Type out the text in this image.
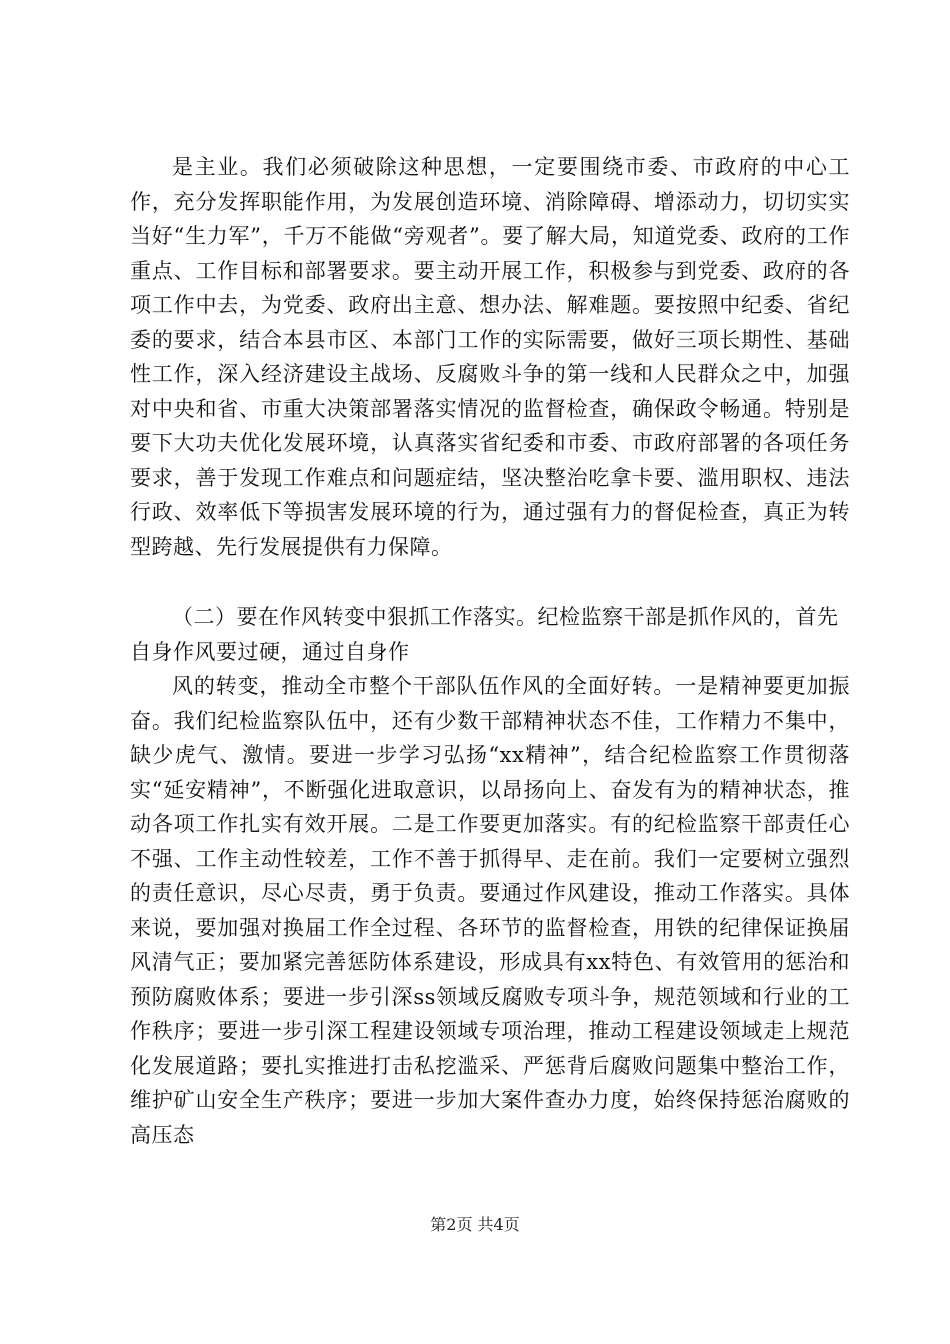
是主业。我们必须破除这种思想，一定要围绕市委、市政府的中心工作，充分发挥职能作用，为发展创造环境、消除障碍、增添动力，切切实实当好“生力军”，千万不能做“旁观者”。要了解大局，知道党委、政府的工作重点、工作目标和部署要求。要主动开展工作，积极参与到党委、政府的各项工作中去，为党委、政府出主意、想办法、解难题。要按照中纪委、省纪委的要求，结合本县市区、本部门工作的实际需要，做好三项长期性、基础性工作，深入经济建设主战场、反腐败斗争的第一线和人民群众之中，加强对中央和省、市重大决策部署落实情况的监督检查，确保政令畅通。特别是要下大功夫优化发展环境，认真落实省纪委和市委、市政府部署的各项任务要求，善于发现工作难点和问题症结，坚决整治吃拿卡要、滥用职权、违法行政、效率低下等损害发展环境的行为，通过强有力的督促检查，真正为转型跨越、先行发展提供有力保障。

（二）要在作风转变中狠抓工作落实。纪检监察干部是抓作风的，首先自身作风要过硬，通过自身作

风的转变，推动全市整个干部队伍作风的全面好转。一是精神要更加振奋。我们纪检监察队伍中，还有少数干部精神状态不佳，工作精力不集中，缺少虎气、激情。要进一步学习弘扬“xx精神”，结合纪检监察工作贯彻落实“延安精神”，不断强化进取意识，以昂扬向上、奋发有为的精神状态，推动各项工作扎实有效开展。二是工作要更加落实。有的纪检监察干部责任心不强、工作主动性较差，工作不善于抓得早、走在前。我们一定要树立强烈的责任意识，尽心尽责，勇于负责。要通过作风建设，推动工作落实。具体来说，要加强对换届工作全过程、各环节的监督检查，用铁的纪律保证换届风清气正；要加紧完善惩防体系建设，形成具有xx特色、有效管用的惩治和预防腐败体系；要进一步引深ss领域反腐败专项斗争，规范领域和行业的工作秩序；要进一步引深工程建设领域专项治理，推动工程建设领域走上规范化发展道路；要扎实推进打击私挖滥采、严惩背后腐败问题集中整治工作，维护矿山安全生产秩序；要进一步加大案件查办力度，始终保持惩治腐败的高压态

第2页 共4页
